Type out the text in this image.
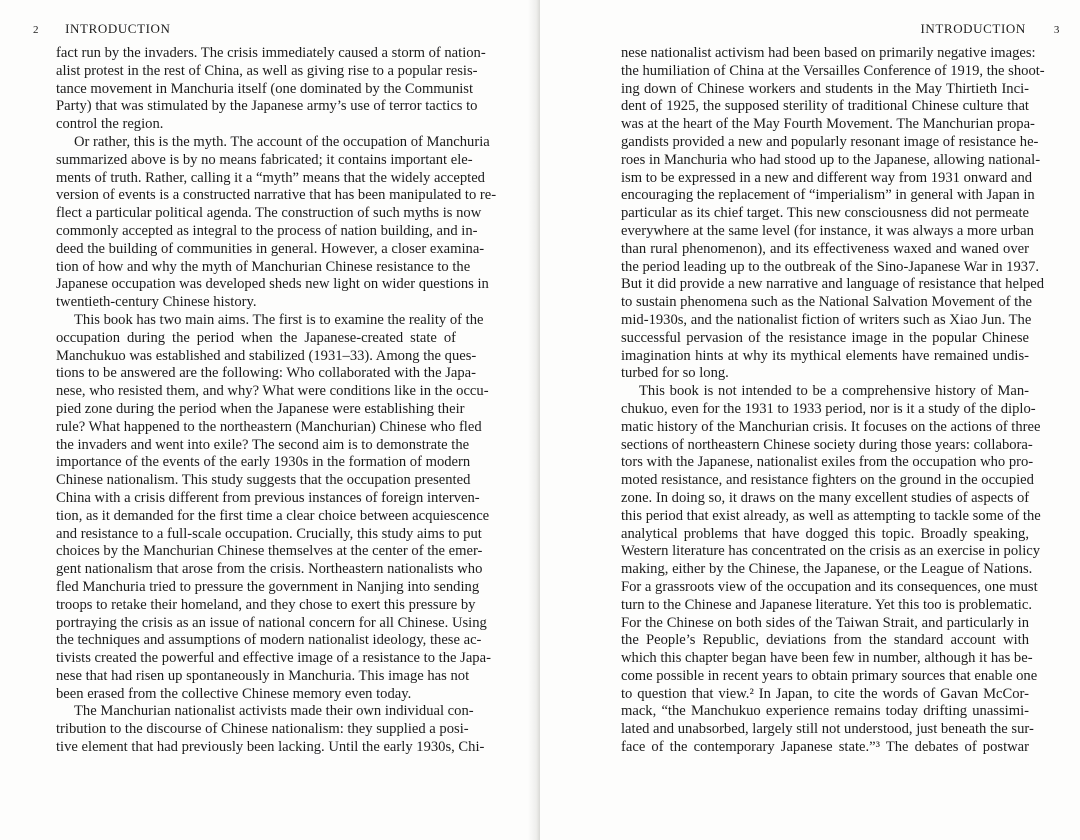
2 INTRODUCTION
fact run by the invaders. The crisis immediately caused a storm of nation-
alist protest in the rest of China, as well as giving rise to a popular resis-
tance movement in Manchuria itself (one dominated by the Communist
Party) that was stimulated by the Japanese army’s use of terror tactics to
control the region.
Or rather, this is the myth. The account of the occupation of Manchuria
summarized above is by no means fabricated; it contains important ele-
ments of truth. Rather, calling it a “myth” means that the widely accepted
version of events is a constructed narrative that has been manipulated to re-
flect a particular political agenda. The construction of such myths is now
commonly accepted as integral to the process of nation building, and in-
deed the building of communities in general. However, a closer examina-
tion of how and why the myth of Manchurian Chinese resistance to the
Japanese occupation was developed sheds new light on wider questions in
twentieth-century Chinese history.
This book has two main aims. The first is to examine the reality of the
occupation during the period when the Japanese-created state of
Manchukuo was established and stabilized (1931–33). Among the ques-
tions to be answered are the following: Who collaborated with the Japa-
nese, who resisted them, and why? What were conditions like in the occu-
pied zone during the period when the Japanese were establishing their
rule? What happened to the northeastern (Manchurian) Chinese who fled
the invaders and went into exile? The second aim is to demonstrate the
importance of the events of the early 1930s in the formation of modern
Chinese nationalism. This study suggests that the occupation presented
China with a crisis different from previous instances of foreign interven-
tion, as it demanded for the first time a clear choice between acquiescence
and resistance to a full-scale occupation. Crucially, this study aims to put
choices by the Manchurian Chinese themselves at the center of the emer-
gent nationalism that arose from the crisis. Northeastern nationalists who
fled Manchuria tried to pressure the government in Nanjing into sending
troops to retake their homeland, and they chose to exert this pressure by
portraying the crisis as an issue of national concern for all Chinese. Using
the techniques and assumptions of modern nationalist ideology, these ac-
tivists created the powerful and effective image of a resistance to the Japa-
nese that had risen up spontaneously in Manchuria. This image has not
been erased from the collective Chinese memory even today.
The Manchurian nationalist activists made their own individual con-
tribution to the discourse of Chinese nationalism: they supplied a posi-
tive element that had previously been lacking. Until the early 1930s, Chi-
INTRODUCTION	3
nese nationalist activism had been based on primarily negative images:
the humiliation of China at the Versailles Conference of 1919, the shoot-
ing down of Chinese workers and students in the May Thirtieth Inci-
dent of 1925, the supposed sterility of traditional Chinese culture that
was at the heart of the May Fourth Movement. The Manchurian propa-
gandists provided a new and popularly resonant image of resistance he-
roes in Manchuria who had stood up to the Japanese, allowing national-
ism to be expressed in a new and different way from 1931 onward and
encouraging the replacement of “imperialism” in general with Japan in
particular as its chief target. This new consciousness did not permeate
everywhere at the same level (for instance, it was always a more urban
than rural phenomenon), and its effectiveness waxed and waned over
the period leading up to the outbreak of the Sino-Japanese War in 1937.
But it did provide a new narrative and language of resistance that helped
to sustain phenomena such as the National Salvation Movement of the
mid-1930s, and the nationalist fiction of writers such as Xiao Jun. The
successful pervasion of the resistance image in the popular Chinese
imagination hints at why its mythical elements have remained undis-
turbed for so long.
This book is not intended to be a comprehensive history of Man-
chukuo, even for the 1931 to 1933 period, nor is it a study of the diplo-
matic history of the Manchurian crisis. It focuses on the actions of three
sections of northeastern Chinese society during those years: collabora-
tors with the Japanese, nationalist exiles from the occupation who pro-
moted resistance, and resistance fighters on the ground in the occupied
zone. In doing so, it draws on the many excellent studies of aspects of
this period that exist already, as well as attempting to tackle some of the
analytical problems that have dogged this topic. Broadly speaking,
Western literature has concentrated on the crisis as an exercise in policy
making, either by the Chinese, the Japanese, or the League of Nations.
For a grassroots view of the occupation and its consequences, one must
turn to the Chinese and Japanese literature. Yet this too is problematic.
For the Chinese on both sides of the Taiwan Strait, and particularly in
the People’s Republic, deviations from the standard account with
which this chapter began have been few in number, although it has be-
come possible in recent years to obtain primary sources that enable one
to question that view.² In Japan, to cite the words of Gavan McCor-
mack, “the Manchukuo experience remains today drifting unassimi-
lated and unabsorbed, largely still not understood, just beneath the sur-
face of the contemporary Japanese state.”³ The debates of postwar
